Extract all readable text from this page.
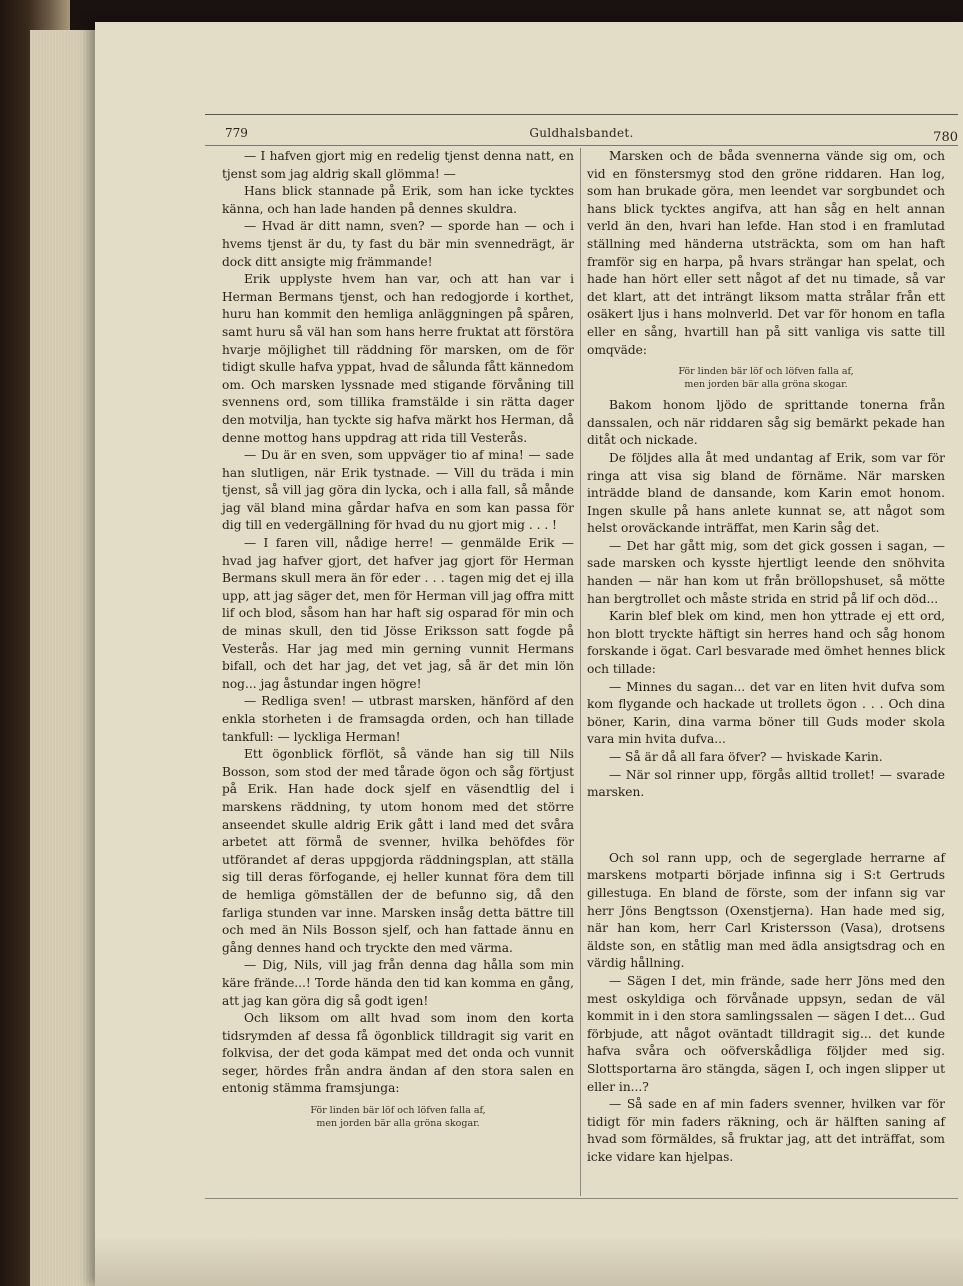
779	Guldhalsbandet.	780

— I hafven gjort mig en redelig tjenst denna natt, en tjenst som jag aldrig skall glömma! —

Hans blick stannade på Erik, som han icke tycktes känna, och han lade handen på dennes skuldra.

— Hvad är ditt namn, sven? — sporde han — och i hvems tjenst är du, ty fast du bär min svennedrägt, är dock ditt ansigte mig främmande!

Erik upplyste hvem han var, och att han var i Herman Bermans tjenst, och han redogjorde i korthet, huru han kommit den hemliga anläggningen på spåren, samt huru så väl han som hans herre fruktat att förstöra hvarje möjlighet till räddning för marsken, om de för tidigt skulle hafva yppat, hvad de sålunda fått kännedom om. Och marsken lyssnade med stigande förvåning till svennens ord, som tillika framstälde i sin rätta dager den motvilja, han tyckte sig hafva märkt hos Herman, då denne mottog hans uppdrag att rida till Vesterås.

— Du är en sven, som uppväger tio af mina! — sade han slutligen, när Erik tystnade. — Vill du träda i min tjenst, så vill jag göra din lycka, och i alla fall, så månde jag väl bland mina gårdar hafva en som kan passa för dig till en vedergällning för hvad du nu gjort mig . . . !

— I faren vill, nådige herre! — genmälde Erik — hvad jag hafver gjort, det hafver jag gjort för Herman Bermans skull mera än för eder . . . tagen mig det ej illa upp, att jag säger det, men för Herman vill jag offra mitt lif och blod, såsom han har haft sig osparad för min och de minas skull, den tid Jösse Eriksson satt fogde på Vesterås. Har jag med min gerning vunnit Hermans bifall, och det har jag, det vet jag, så är det min lön nog... jag åstundar ingen högre!

— Redliga sven! — utbrast marsken, hänförd af den enkla storheten i de framsagda orden, och han tillade tankfull: — lyckliga Herman!

Ett ögonblick förflöt, så vände han sig till Nils Bosson, som stod der med tårade ögon och såg förtjust på Erik. Han hade dock sjelf en väsendtlig del i marskens räddning, ty utom honom med det större anseendet skulle aldrig Erik gått i land med det svåra arbetet att förmå de svenner, hvilka behöfdes för utförandet af deras uppgjorda räddningsplan, att ställa sig till deras förfogande, ej heller kunnat föra dem till de hemliga gömställen der de befunno sig, då den farliga stunden var inne. Marsken insåg detta bättre till och med än Nils Bosson sjelf, och han fattade ännu en gång dennes hand och tryckte den med värma.

— Dig, Nils, vill jag från denna dag hålla som min käre frände...! Torde hända den tid kan komma en gång, att jag kan göra dig så godt igen!

Och liksom om allt hvad som inom den korta tidsrymden af dessa få ögonblick tilldragit sig varit en folkvisa, der det goda kämpat med det onda och vunnit seger, hördes från andra ändan af den stora salen en entonig stämma framsjunga:

För linden bär löf och löfven falla af,
men jorden bär alla gröna skogar.

Marsken och de båda svennerna vände sig om, och vid en fönstersmyg stod den gröne riddaren. Han log, som han brukade göra, men leendet var sorgbundet och hans blick tycktes angifva, att han såg en helt annan verld än den, hvari han lefde. Han stod i en framlutad ställning med händerna utsträckta, som om han haft framför sig en harpa, på hvars strängar han spelat, och hade han hört eller sett något af det nu timade, så var det klart, att det inträngt liksom matta strålar från ett osäkert ljus i hans molnverld. Det var för honom en tafla eller en sång, hvartill han på sitt vanliga vis satte till omqväde:

För linden bär löf och löfven falla af,
men jorden bär alla gröna skogar.

Bakom honom ljödo de sprittande tonerna från danssalen, och när riddaren såg sig bemärkt pekade han ditåt och nickade.

De följdes alla åt med undantag af Erik, som var för ringa att visa sig bland de förnäme. När marsken inträdde bland de dansande, kom Karin emot honom. Ingen skulle på hans anlete kunnat se, att något som helst oroväckande inträffat, men Karin såg det.

— Det har gått mig, som det gick gossen i sagan, — sade marsken och kysste hjertligt leende den snöhvita handen — när han kom ut från bröllopshuset, så mötte han bergtrollet och måste strida en strid på lif och död...

Karin blef blek om kind, men hon yttrade ej ett ord, hon blott tryckte häftigt sin herres hand och såg honom forskande i ögat. Carl besvarade med ömhet hennes blick och tillade:

— Minnes du sagan... det var en liten hvit dufva som kom flygande och hackade ut trollets ögon . . . Och dina böner, Karin, dina varma böner till Guds moder skola vara min hvita dufva...

— Så är då all fara öfver? — hviskade Karin.

— När sol rinner upp, förgås alltid trollet! — svarade marsken.

Och sol rann upp, och de segerglade herrarne af marskens motparti började infinna sig i S:t Gertruds gillestuga. En bland de förste, som der infann sig var herr Jöns Bengtsson (Oxenstjerna). Han hade med sig, när han kom, herr Carl Kristersson (Vasa), drotsens äldste son, en ståtlig man med ädla ansigtsdrag och en värdig hållning.

— Sägen I det, min frände, sade herr Jöns med den mest oskyldiga och förvånade uppsyn, sedan de väl kommit in i den stora samlingssalen — sägen I det... Gud förbjude, att något oväntadt tilldragit sig... det kunde hafva svåra och oöfverskådliga följder med sig. Slottsportarna äro stängda, sägen I, och ingen slipper ut eller in...?

— Så sade en af min faders svenner, hvilken var för tidigt för min faders räkning, och är hälften saning af hvad som förmäldes, så fruktar jag, att det inträffat, som icke vidare kan hjelpas.
